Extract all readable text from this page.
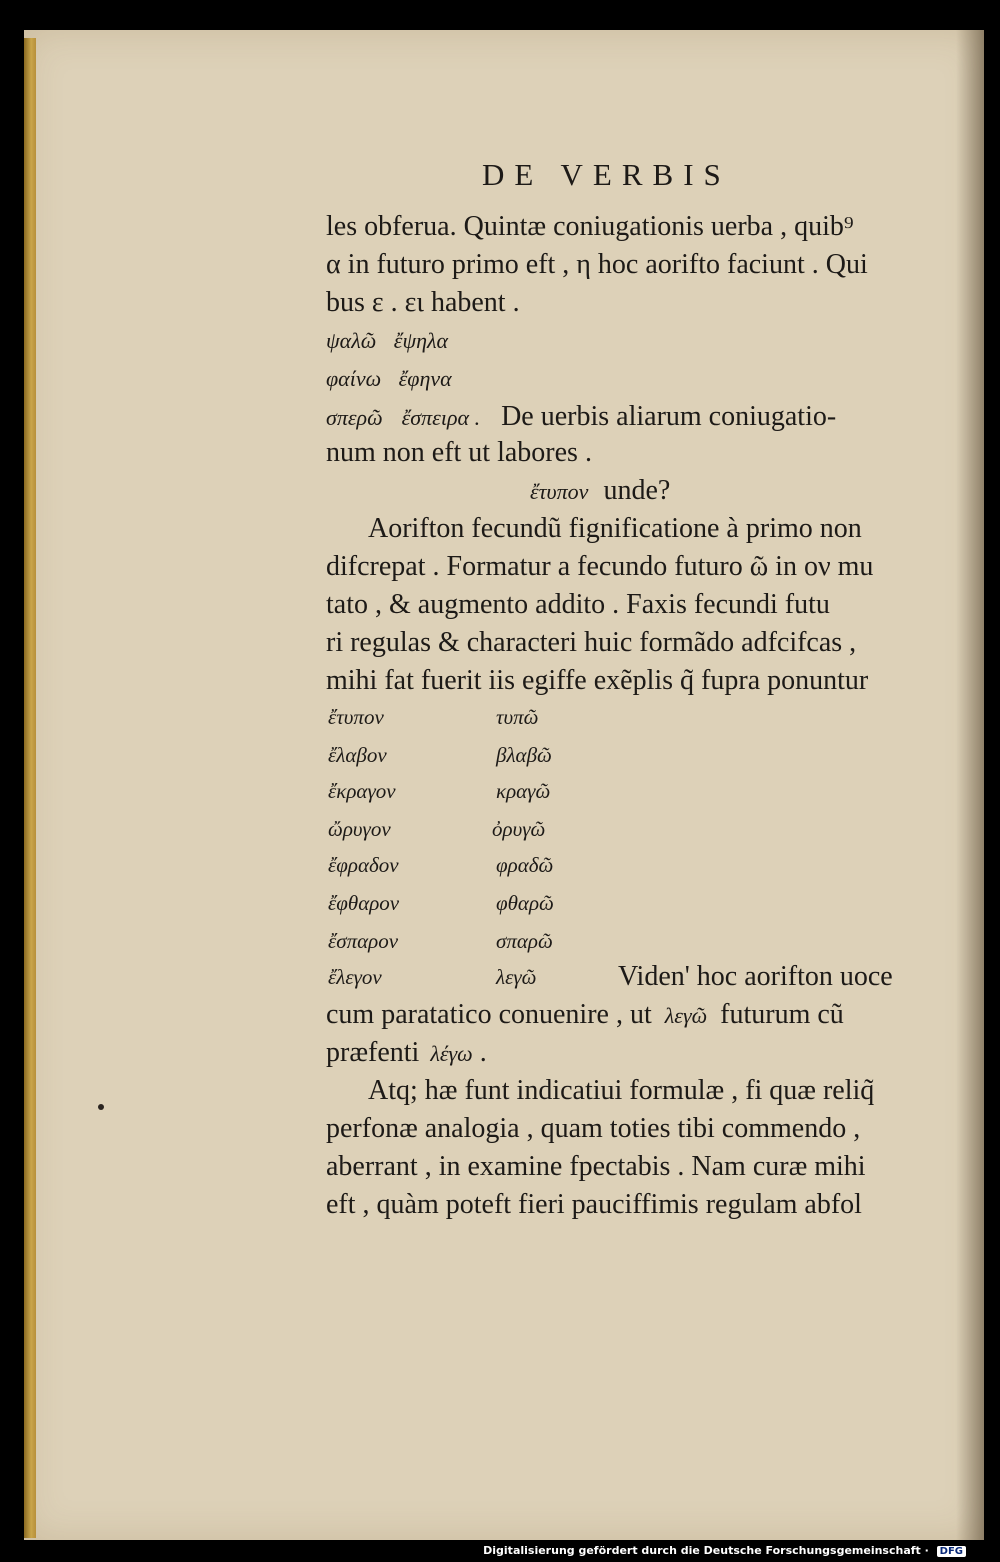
DE VERBIS
les obferua. Quintæ coniugationis uerba , quib⁹
α in futuro primo eft , η hoc aorifto faciunt . Qui
bus ε . ει habent .
ψαλῶ ἔψηλα
φαίνω ἔφηνα
σπερῶ ἔσπειρα . De uerbis aliarum coniugatio-
num non eft ut labores .
ἔτυπον unde?
Aorifton fecundũ fignificatione à primo non
difcrepat . Formatur a fecundo futuro ῶ in ον mu
tato , & augmento addito . Faxis fecundi futu
ri regulas & characteri huic formãdo adfcifcas ,
mihi fat fuerit iis egiffe exẽplis q̃ fupra ponuntur
ἔτυπον
ἔλαβον
ἔκραγον
ὤρυγον
ἔφραδον
ἔφθαρον
ἔσπαρον
ἔλεγον
τυπῶ
βλαβῶ
κραγῶ
ὀρυγῶ
φραδῶ
φθαρῶ
σπαρῶ
λεγῶ	Viden' hoc aorifton uoce
cum paratatico conuenire , ut λεγῶ futurum cũ
præfenti λέγω .
Atq; hæ funt indicatiui formulæ , fi quæ reliq̃
perfonæ analogia , quam toties tibi commendo ,
aberrant , in examine fpectabis . Nam curæ mihi
eft , quàm poteft fieri pauciffimis regulam abfol
Digitalisierung gefördert durch die Deutsche Forschungsgemeinschaft · DFG
